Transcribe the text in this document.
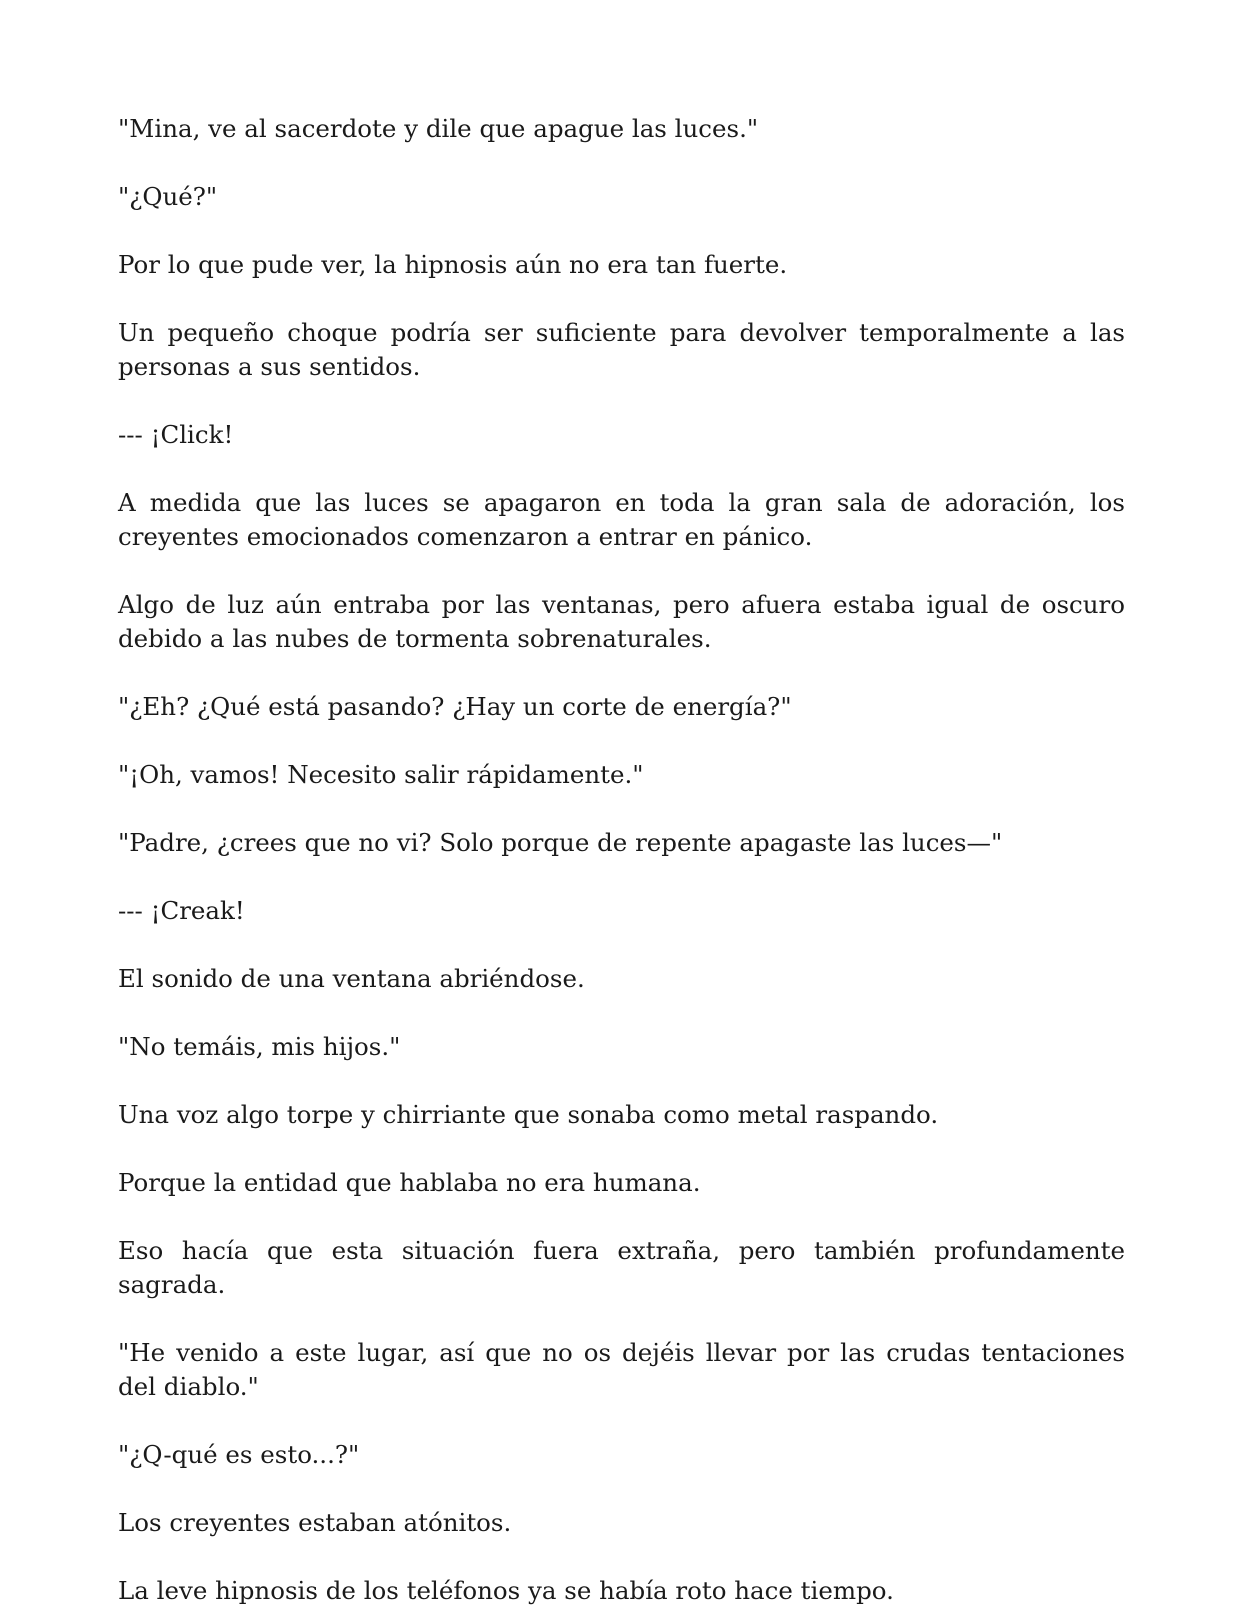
"Mina, ve al sacerdote y dile que apague las luces."

"¿Qué?"

Por lo que pude ver, la hipnosis aún no era tan fuerte.

Un pequeño choque podría ser suficiente para devolver temporalmente a las personas a sus sentidos.

--- ¡Click!

A medida que las luces se apagaron en toda la gran sala de adoración, los creyentes emocionados comenzaron a entrar en pánico.

Algo de luz aún entraba por las ventanas, pero afuera estaba igual de oscuro debido a las nubes de tormenta sobrenaturales.

"¿Eh? ¿Qué está pasando? ¿Hay un corte de energía?"

"¡Oh, vamos! Necesito salir rápidamente."

"Padre, ¿crees que no vi? Solo porque de repente apagaste las luces—"

--- ¡Creak!

El sonido de una ventana abriéndose.

"No temáis, mis hijos."

Una voz algo torpe y chirriante que sonaba como metal raspando.

Porque la entidad que hablaba no era humana.

Eso hacía que esta situación fuera extraña, pero también profundamente sagrada.

"He venido a este lugar, así que no os dejéis llevar por las crudas tentaciones del diablo."

"¿Q-qué es esto...?"

Los creyentes estaban atónitos.

La leve hipnosis de los teléfonos ya se había roto hace tiempo.
